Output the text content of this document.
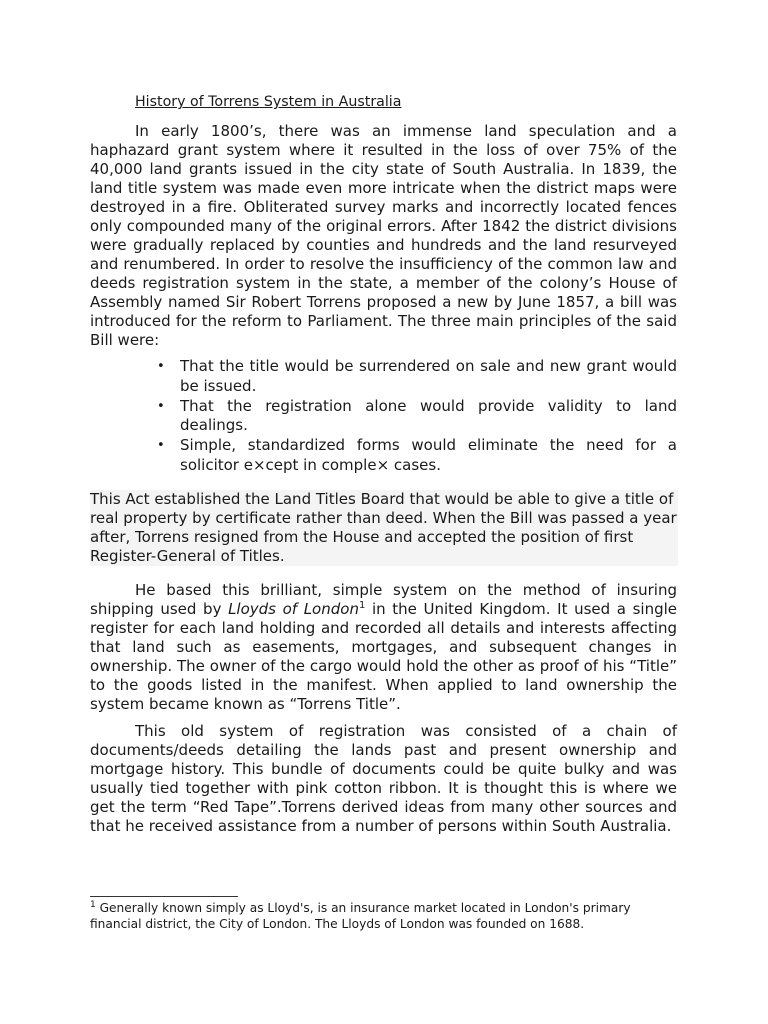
History of Torrens System in Australia

In early 1800’s, there was an immense land speculation and a haphazard grant system where it resulted in the loss of over 75% of the 40,000 land grants issued in the city state of South Australia. In 1839, the land title system was made even more intricate when the district maps were destroyed in a fire. Obliterated survey marks and incorrectly located fences only compounded many of the original errors. After 1842 the district divisions were gradually replaced by counties and hundreds and the land resurveyed and renumbered. In order to resolve the insufficiency of the common law and deeds registration system in the state, a member of the colony’s House of Assembly named Sir Robert Torrens proposed a new by June 1857, a bill was introduced for the reform to Parliament. The three main principles of the said Bill were:

• That the title would be surrendered on sale and new grant would be issued.
• That the registration alone would provide validity to land dealings.
• Simple, standardized forms would eliminate the need for a solicitor e×cept in comple× cases.

This Act established the Land Titles Board that would be able to give a title of real property by certificate rather than deed. When the Bill was passed a year after, Torrens resigned from the House and accepted the position of first Register-General of Titles.

He based this brilliant, simple system on the method of insuring shipping used by Lloyds of London$^1$ in the United Kingdom. It used a single register for each land holding and recorded all details and interests affecting that land such as easements, mortgages, and subsequent changes in ownership. The owner of the cargo would hold the other as proof of his “Title” to the goods listed in the manifest. When applied to land ownership the system became known as “Torrens Title”.

This old system of registration was consisted of a chain of documents/deeds detailing the lands past and present ownership and mortgage history. This bundle of documents could be quite bulky and was usually tied together with pink cotton ribbon. It is thought this is where we get the term “Red Tape”.Torrens derived ideas from many other sources and that he received assistance from a number of persons within South Australia.

$^1$ Generally known simply as Lloyd's, is an insurance market located in London's primary financial district, the City of London. The Lloyds of London was founded on 1688.
